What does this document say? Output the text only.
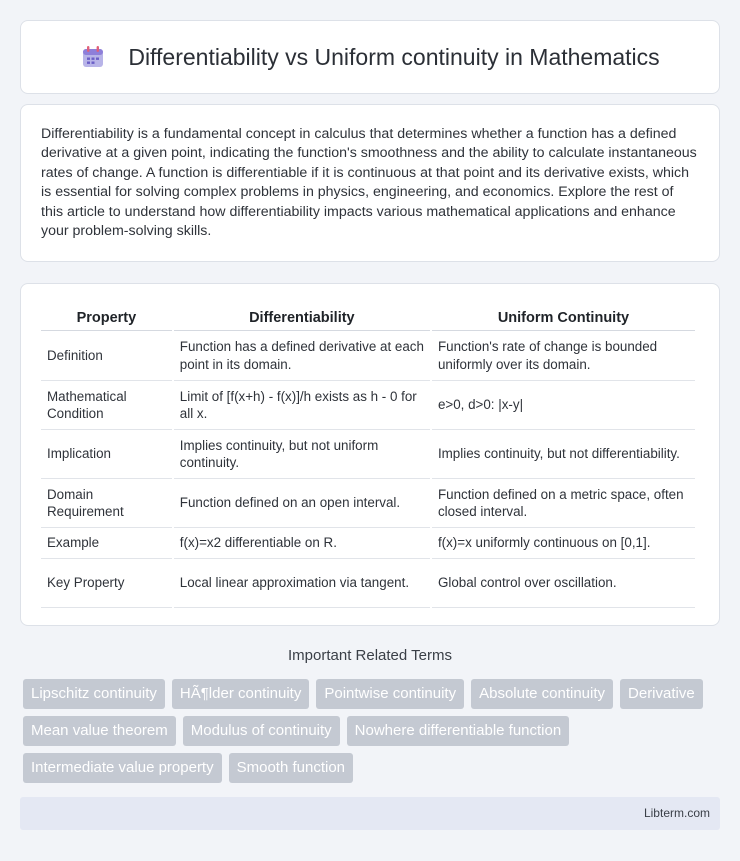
Differentiability vs Uniform continuity in Mathematics

Differentiability is a fundamental concept in calculus that determines whether a function has a defined derivative at a given point, indicating the function's smoothness and the ability to calculate instantaneous rates of change. A function is differentiable if it is continuous at that point and its derivative exists, which is essential for solving complex problems in physics, engineering, and economics. Explore the rest of this article to understand how differentiability impacts various mathematical applications and enhance your problem-solving skills.

Property	Differentiability	Uniform Continuity
Definition	Function has a defined derivative at each point in its domain.	Function's rate of change is bounded uniformly over its domain.
Mathematical Condition	Limit of [f(x+h) - f(x)]/h exists as h - 0 for all x.	e>0, d>0: |x-y|
Implication	Implies continuity, but not uniform continuity.	Implies continuity, but not differentiability.
Domain Requirement	Function defined on an open interval.	Function defined on a metric space, often closed interval.
Example	f(x)=x2 differentiable on R.	f(x)=x uniformly continuous on [0,1].
Key Property	Local linear approximation via tangent.	Global control over oscillation.
Important Related Terms
Lipschitz continuity	HÃ¶lder continuity	Pointwise continuity	Absolute continuity	Derivative
Mean value theorem	Modulus of continuity	Nowhere differentiable function
Intermediate value property	Smooth function
Libterm.com
